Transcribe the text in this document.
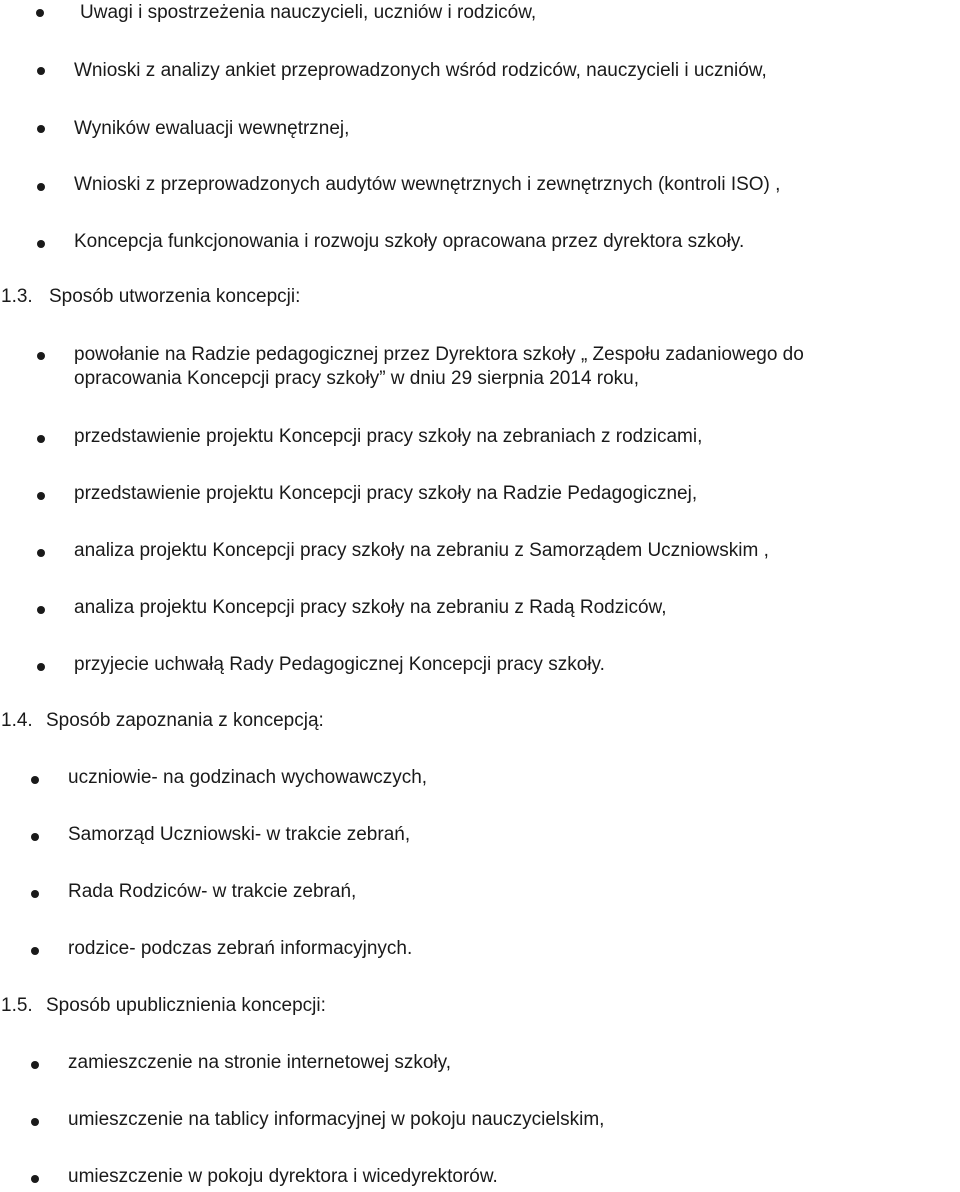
Uwagi i spostrzeżenia nauczycieli, uczniów i rodziców,
Wnioski z analizy ankiet przeprowadzonych wśród rodziców, nauczycieli i uczniów,
Wyników ewaluacji wewnętrznej,
Wnioski z przeprowadzonych audytów wewnętrznych i zewnętrznych (kontroli ISO) ,
Koncepcja funkcjonowania i rozwoju szkoły opracowana przez dyrektora szkoły.
1.3. Sposób utworzenia koncepcji:
powołanie na Radzie pedagogicznej przez Dyrektora szkoły „ Zespołu zadaniowego do
opracowania Koncepcji pracy szkoły” w dniu 29 sierpnia 2014 roku,
przedstawienie projektu Koncepcji pracy szkoły na zebraniach z rodzicami,
przedstawienie projektu Koncepcji pracy szkoły na Radzie Pedagogicznej,
analiza projektu Koncepcji pracy szkoły na zebraniu z Samorządem Uczniowskim ,
analiza projektu Koncepcji pracy szkoły na zebraniu z Radą Rodziców,
przyjecie uchwałą Rady Pedagogicznej Koncepcji pracy szkoły.
1.4. Sposób zapoznania z koncepcją:
uczniowie- na godzinach wychowawczych,
Samorząd Uczniowski- w trakcie zebrań,
Rada Rodziców- w trakcie zebrań,
rodzice- podczas zebrań informacyjnych.
1.5. Sposób upublicznienia koncepcji:
zamieszczenie na stronie internetowej szkoły,
umieszczenie na tablicy informacyjnej w pokoju nauczycielskim,
umieszczenie w pokoju dyrektora i wicedyrektorów.
